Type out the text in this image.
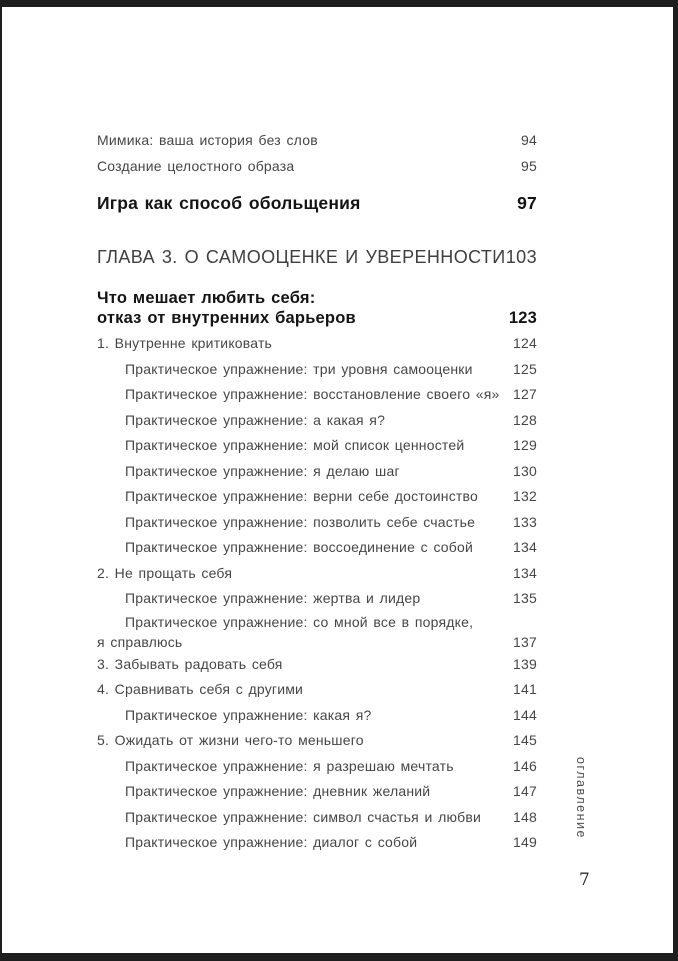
Мимика: ваша история без слов	94
Создание целостного образа	95
Игра как способ обольщения	97
ГЛАВА 3. О САМООЦЕНКЕ И УВЕРЕННОСТИ 103
Что мешает любить себя:
отказ от внутренних барьеров	123
1. Внутренне критиковать	124
Практическое упражнение: три уровня самооценки	125
Практическое упражнение: восстановление своего «я» 127
Практическое упражнение: а какая я?	128
Практическое упражнение: мой список ценностей	129
Практическое упражнение: я делаю шаг	130
Практическое упражнение: верни себе достоинство	132
Практическое упражнение: позволить себе счастье	133
Практическое упражнение: воссоединение с собой	134
2. Не прощать себя	134
Практическое упражнение: жертва и лидер	135
Практическое упражнение: со мной все в порядке,
я справлюсь	137
3. Забывать радовать себя	139
4. Сравнивать себя с другими	141
Практическое упражнение: какая я?	144
5. Ожидать от жизни чего-то меньшего	145
Практическое упражнение: я разрешаю мечтать	146
Практическое упражнение: дневник желаний	147
Практическое упражнение: символ счастья и любви 148
Практическое упражнение: диалог с собой	149
оглавление
7
